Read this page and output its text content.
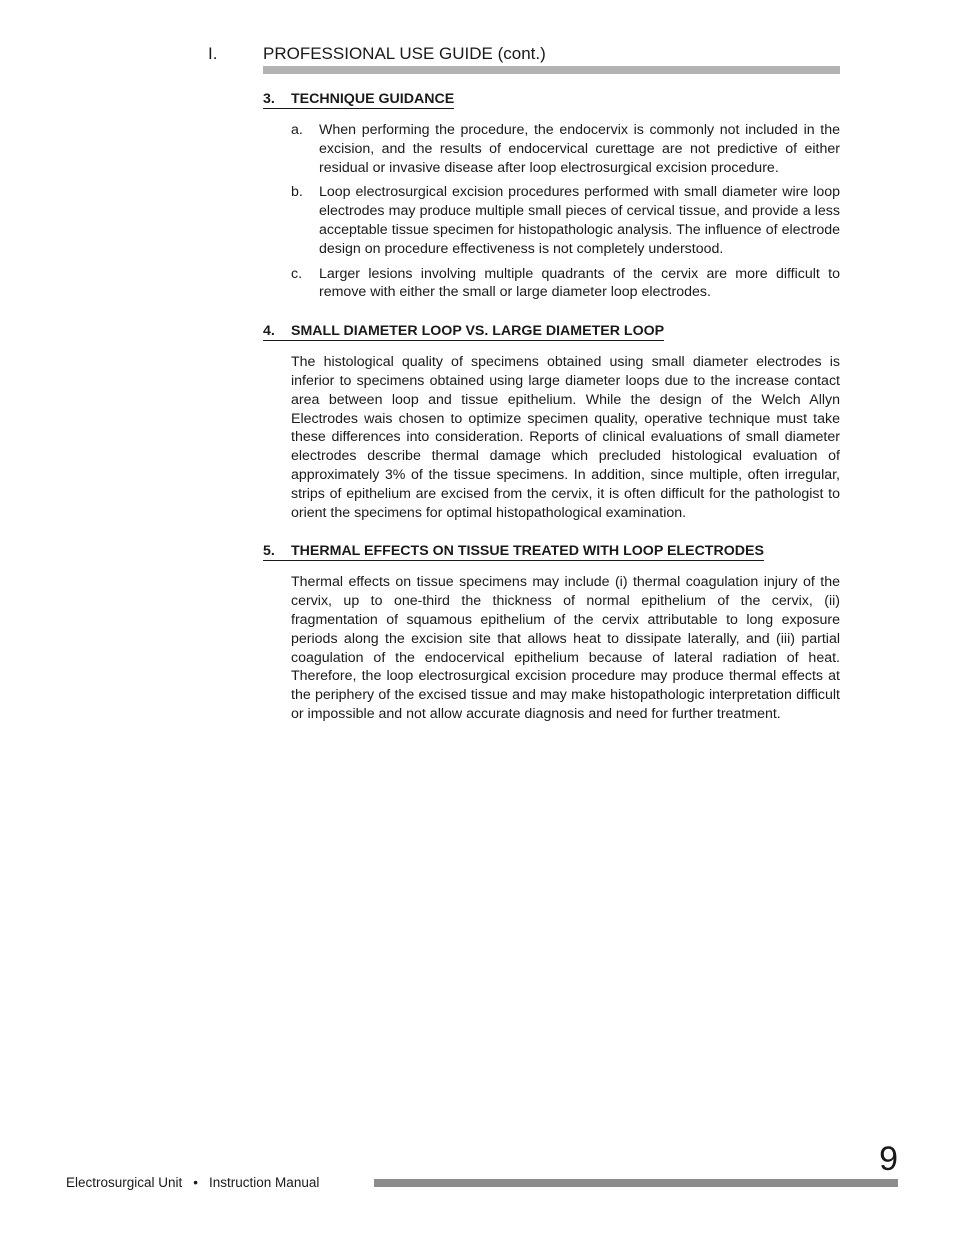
I.	PROFESSIONAL USE GUIDE (cont.)
3. TECHNIQUE GUIDANCE
a.	When performing the procedure, the endocervix is commonly not included in the excision, and the results of endocervical curettage are not predictive of either residual or invasive disease after loop electrosurgical excision procedure.
b.	Loop electrosurgical excision procedures performed with small diameter wire loop electrodes may produce multiple small pieces of cervical tissue, and provide a less acceptable tissue specimen for histopathologic analysis. The influence of electrode design on procedure effectiveness is not completely understood.
c.	Larger lesions involving multiple quadrants of the cervix are more difficult to remove with either the small or large diameter loop electrodes.
4. SMALL DIAMETER LOOP VS. LARGE DIAMETER LOOP

The histological quality of specimens obtained using small diameter electrodes is inferior to specimens obtained using large diameter loops due to the increase contact area between loop and tissue epithelium. While the design of the Welch Allyn Electrodes wais chosen to optimize specimen quality, operative technique must take these differences into consideration. Reports of clinical evaluations of small diameter electrodes describe thermal damage which precluded histological evaluation of approximately 3% of the tissue specimens. In addition, since multiple, often irregular, strips of epithelium are excised from the cervix, it is often difficult for the pathologist to orient the specimens for optimal histopathological examination.

5. THERMAL EFFECTS ON TISSUE TREATED WITH LOOP ELECTRODES

Thermal effects on tissue specimens may include (i) thermal coagulation injury of the cervix, up to one-third the thickness of normal epithelium of the cervix, (ii) fragmentation of squamous epithelium of the cervix attributable to long exposure periods along the excision site that allows heat to dissipate laterally, and (iii) partial coagulation of the endocervical epithelium because of lateral radiation of heat. Therefore, the loop electrosurgical excision procedure may produce thermal effects at the periphery of the excised tissue and may make histopathologic interpretation difficult or impossible and not allow accurate diagnosis and need for further treatment.

9
Electrosurgical Unit • Instruction Manual
